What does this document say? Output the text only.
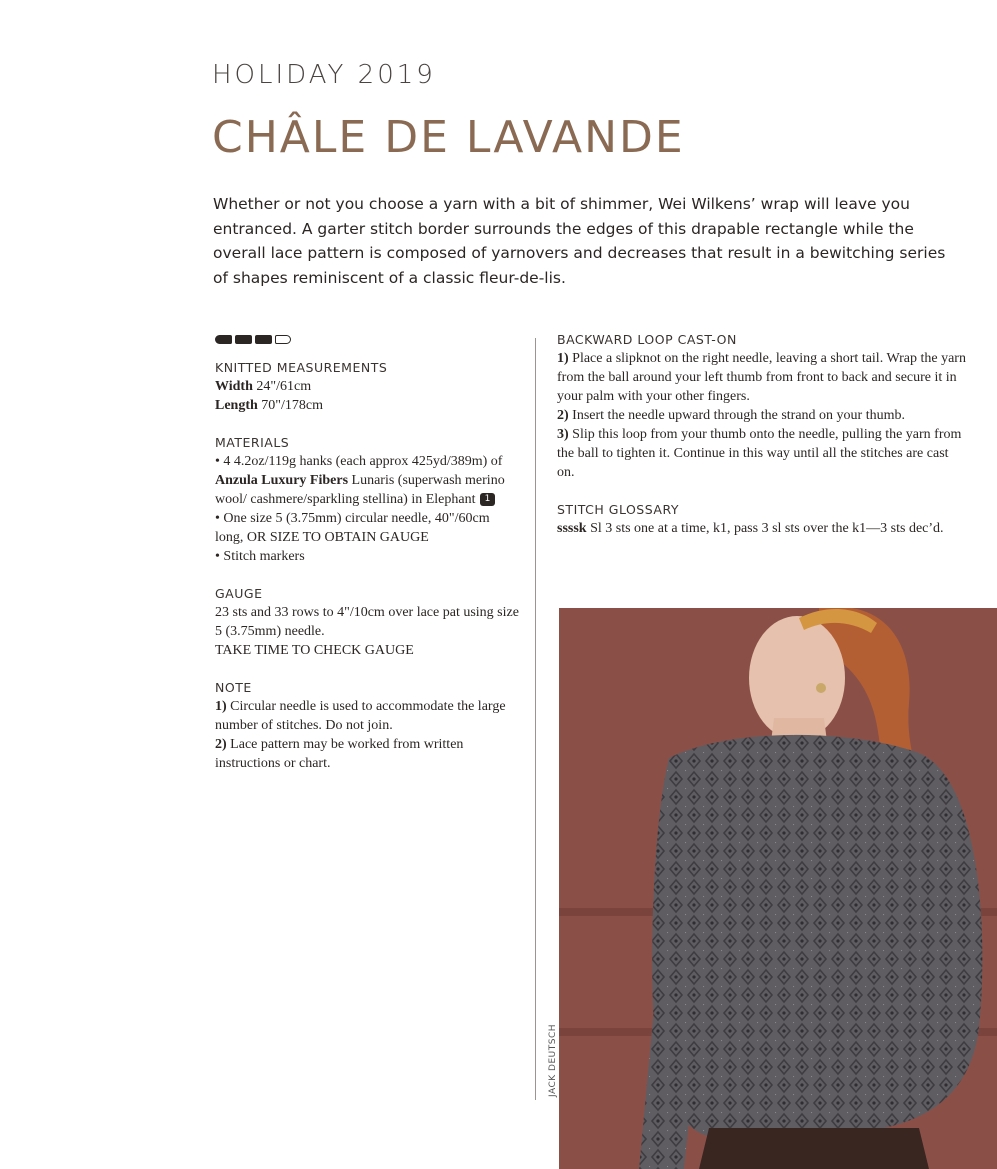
HOLIDAY 2019
CHÂLE DE LAVANDE
Whether or not you choose a yarn with a bit of shimmer, Wei Wilkens’ wrap will leave you entranced. A garter stitch border surrounds the edges of this drapable rectangle while the overall lace pattern is composed of yarnovers and decreases that result in a bewitching series of shapes reminiscent of a classic fleur-de-lis.

KNITTED MEASUREMENTS

Width 24"/61cm

Length 70"/178cm

MATERIALS

• 4 4.2oz/119g hanks (each approx 425yd/389m) of Anzula Luxury Fibers Lunaris (superwash merino wool/ cashmere/sparkling stellina) in Elephant 1

• One size 5 (3.75mm) circular needle, 40"/60cm long, OR SIZE TO OBTAIN GAUGE

• Stitch markers

GAUGE

23 sts and 33 rows to 4"/10cm over lace pat using size 5 (3.75mm) needle.

TAKE TIME TO CHECK GAUGE

NOTE

1) Circular needle is used to accommodate the large number of stitches. Do not join.

2) Lace pattern may be worked from written instructions or chart.

BACKWARD LOOP CAST-ON

1) Place a slipknot on the right needle, leaving a short tail. Wrap the yarn from the ball around your left thumb from front to back and secure it in your palm with your other fingers.

2) Insert the needle upward through the strand on your thumb.

3) Slip this loop from your thumb onto the needle, pulling the yarn from the ball to tighten it. Continue in this way until all the stitches are cast on.

STITCH GLOSSARY

ssssk Sl 3 sts one at a time, k1, pass 3 sl sts over the k1—3 sts dec’d.

JACK DEUTSCH
